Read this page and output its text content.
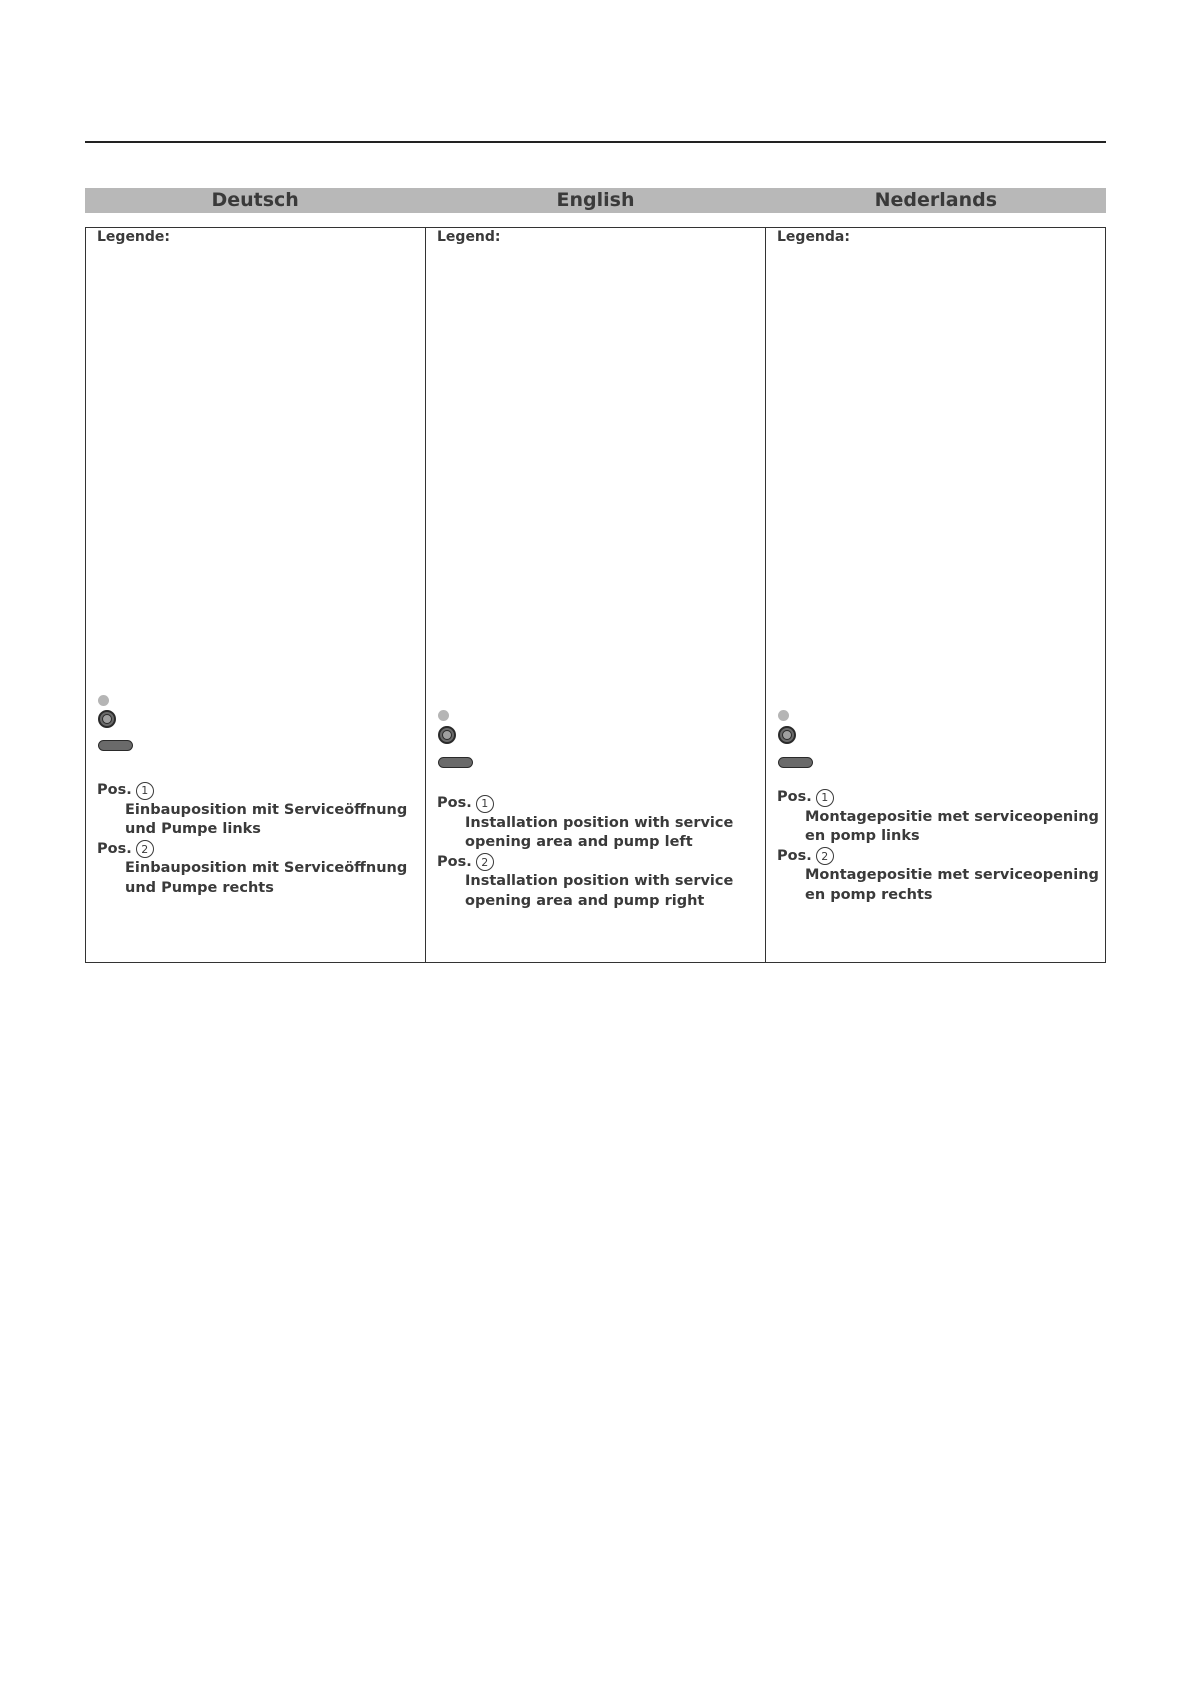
Deutsch	English	Nederlands
Legende:
Pos. 1
Einbauposition mit Serviceöffnung und Pumpe links
Pos. 2
Einbauposition mit Serviceöffnung und Pumpe rechts
Legend:
Pos. 1
Installation position with service opening area and pump left
Pos. 2
Installation position with service opening area and pump right
Legenda:
Pos. 1
Montagepositie met serviceopening en pomp links
Pos. 2
Montagepositie met serviceopening en pomp rechts
